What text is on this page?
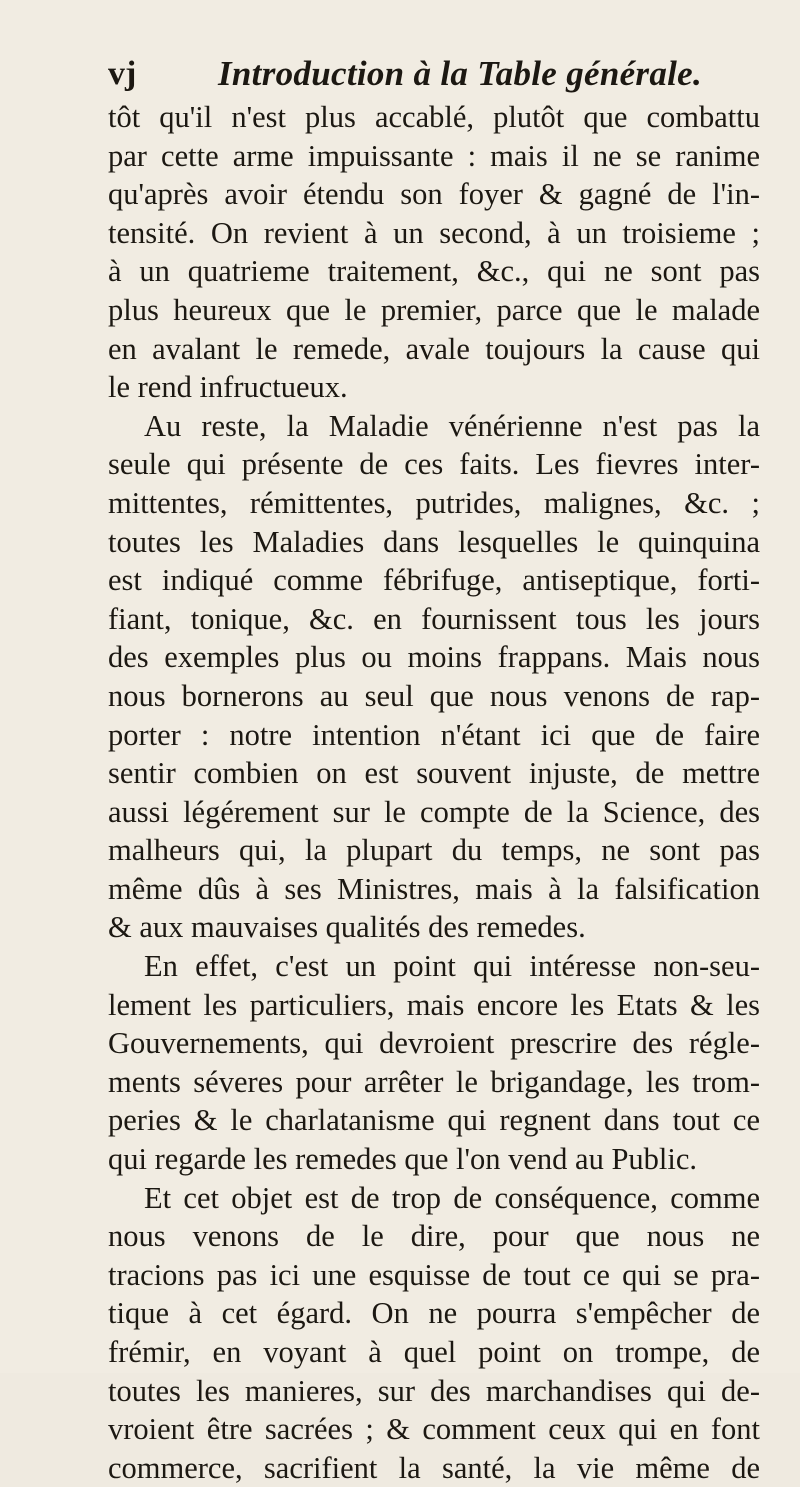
vj Introduction à la Table générale.
tôt qu'il n'est plus accablé, plutôt que combattu
par cette arme impuissante : mais il ne se ranime
qu'après avoir étendu son foyer & gagné de l'in-
tensité. On revient à un second, à un troisieme ;
à un quatrieme traitement, &c., qui ne sont pas
plus heureux que le premier, parce que le malade
en avalant le remede, avale toujours la cause qui
le rend infructueux.
Au reste, la Maladie vénérienne n'est pas la
seule qui présente de ces faits. Les fievres inter-
mittentes, rémittentes, putrides, malignes, &c. ;
toutes les Maladies dans lesquelles le quinquina
est indiqué comme fébrifuge, antiseptique, forti-
fiant, tonique, &c. en fournissent tous les jours
des exemples plus ou moins frappans. Mais nous
nous bornerons au seul que nous venons de rap-
porter : notre intention n'étant ici que de faire
sentir combien on est souvent injuste, de mettre
aussi légérement sur le compte de la Science, des
malheurs qui, la plupart du temps, ne sont pas
même dûs à ses Ministres, mais à la falsification
& aux mauvaises qualités des remedes.
En effet, c'est un point qui intéresse non-seu-
lement les particuliers, mais encore les Etats & les
Gouvernements, qui devroient prescrire des régle-
ments séveres pour arrêter le brigandage, les trom-
peries & le charlatanisme qui regnent dans tout ce
qui regarde les remedes que l'on vend au Public.
Et cet objet est de trop de conséquence, comme
nous venons de le dire, pour que nous ne
tracions pas ici une esquisse de tout ce qui se pra-
tique à cet égard. On ne pourra s'empêcher de
frémir, en voyant à quel point on trompe, de
toutes les manieres, sur des marchandises qui de-
vroient être sacrées ; & comment ceux qui en font
commerce, sacrifient la santé, la vie même de
